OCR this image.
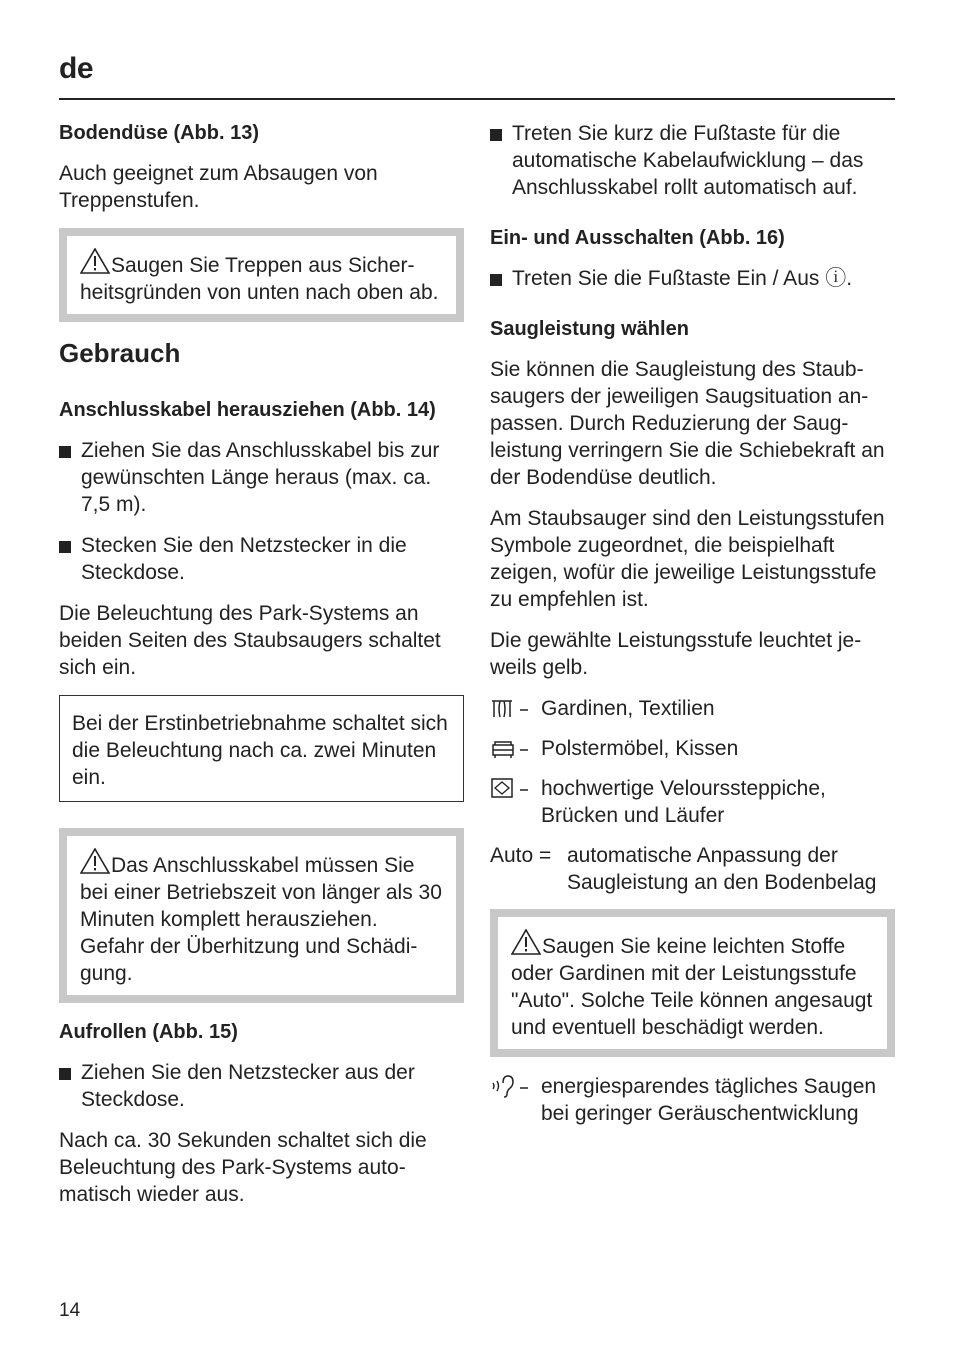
de
Bodendüse (Abb. 13)

Auch geeignet zum Absaugen von Treppenstufen.

Saugen Sie Treppen aus Sicherheitsgründen von unten nach oben ab.
Gebrauch
Anschlusskabel herausziehen (Abb. 14)
Ziehen Sie das Anschlusskabel bis zur gewünschten Länge heraus (max. ca. 7,5 m).
Stecken Sie den Netzstecker in die Steckdose.

Die Beleuchtung des Park-Systems an beiden Seiten des Staubsaugers schaltet sich ein.

Bei der Erstinbetriebnahme schaltet sich die Beleuchtung nach ca. zwei Minuten ein.
Das Anschlusskabel müssen Sie bei einer Betriebszeit von länger als 30 Minuten komplett herausziehen. Gefahr der Überhitzung und Schädigung.
Aufrollen (Abb. 15)
Ziehen Sie den Netzstecker aus der Steckdose.

Nach ca. 30 Sekunden schaltet sich die Beleuchtung des Park-Systems automatisch wieder aus.

Treten Sie kurz die Fußtaste für die automatische Kabelaufwicklung – das Anschlusskabel rollt automatisch auf.
Ein- und Ausschalten (Abb. 16)
Treten Sie die Fußtaste Ein / Aus ⓘ.
Saugleistung wählen

Sie können die Saugleistung des Staubsaugers der jeweiligen Saugsituation anpassen. Durch Reduzierung der Saugleistung verringern Sie die Schiebekraft an der Bodendüse deutlich.

Am Staubsauger sind den Leistungsstufen Symbole zugeordnet, die beispielhaft zeigen, wofür die jeweilige Leistungsstufe zu empfehlen ist.

Die gewählte Leistungsstufe leuchtet jeweils gelb.

Gardinen, Textilien
Polstermöbel, Kissen
hochwertige Velourssteppiche, Brücken und Läufer
Auto = automatische Anpassung der Saugleistung an den Bodenbelag
Saugen Sie keine leichten Stoffe oder Gardinen mit der Leistungsstufe "Auto". Solche Teile können angesaugt und eventuell beschädigt werden.
energiesparendes tägliches Saugen bei geringer Geräuschentwicklung
14
